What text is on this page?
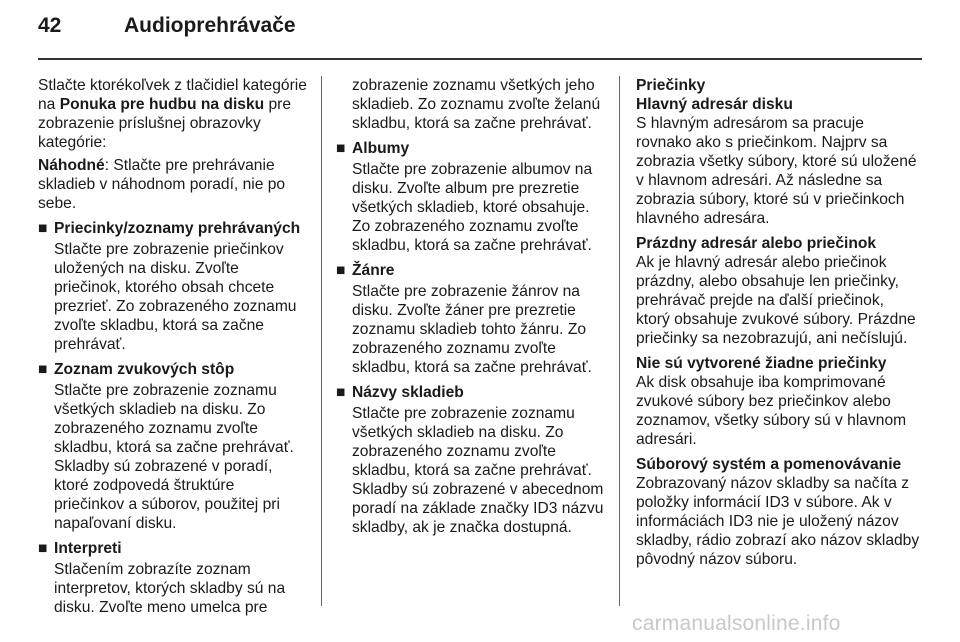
42	Audioprehrávače

Stlačte ktorékoľvek z tlačidiel kategórie na Ponuka pre hudbu na disku pre zobrazenie príslušnej obrazovky kategórie:

Náhodné: Stlačte pre prehrávanie skladieb v náhodnom poradí, nie po sebe.

■ Priecinky/zoznamy prehrávaných
Stlačte pre zobrazenie priečinkov uložených na disku. Zvoľte priečinok, ktorého obsah chcete prezrieť. Zo zobrazeného zoznamu zvoľte skladbu, ktorá sa začne prehrávať.
■ Zoznam zvukových stôp
Stlačte pre zobrazenie zoznamu všetkých skladieb na disku. Zo zobrazeného zoznamu zvoľte skladbu, ktorá sa začne prehrávať. Skladby sú zobrazené v poradí, ktoré zodpovedá štruktúre priečinkov a súborov, použitej pri napaľovaní disku.
■ Interpreti
Stlačením zobrazíte zoznam interpretov, ktorých skladby sú na disku. Zvoľte meno umelca pre
zobrazenie zoznamu všetkých jeho skladieb. Zo zoznamu zvoľte želanú skladbu, ktorá sa začne prehrávať.
■ Albumy
Stlačte pre zobrazenie albumov na disku. Zvoľte album pre prezretie všetkých skladieb, ktoré obsahuje. Zo zobrazeného zoznamu zvoľte skladbu, ktorá sa začne prehrávať.
■ Žánre
Stlačte pre zobrazenie žánrov na disku. Zvoľte žáner pre prezretie zoznamu skladieb tohto žánru. Zo zobrazeného zoznamu zvoľte skladbu, ktorá sa začne prehrávať.
■ Názvy skladieb
Stlačte pre zobrazenie zoznamu všetkých skladieb na disku. Zo zobrazeného zoznamu zvoľte skladbu, ktorá sa začne prehrávať. Skladby sú zobrazené v abecednom poradí na základe značky ID3 názvu skladby, ak je značka dostupná.
Priečinky
Hlavný adresár disku
S hlavným adresárom sa pracuje rovnako ako s priečinkom. Najprv sa zobrazia všetky súbory, ktoré sú uložené v hlavnom adresári. Až následne sa zobrazia súbory, ktoré sú v priečinkoch hlavného adresára.
Prázdny adresár alebo priečinok
Ak je hlavný adresár alebo priečinok prázdny, alebo obsahuje len priečinky, prehrávač prejde na ďalší priečinok, ktorý obsahuje zvukové súbory. Prázdne priečinky sa nezobrazujú, ani nečíslujú.
Nie sú vytvorené žiadne priečinky
Ak disk obsahuje iba komprimované zvukové súbory bez priečinkov alebo zoznamov, všetky súbory sú v hlavnom adresári.
Súborový systém a pomenovávanie
Zobrazovaný názov skladby sa načíta z položky informácií ID3 v súbore. Ak v informáciách ID3 nie je uložený názov skladby, rádio zobrazí ako názov skladby pôvodný názov súboru.
carmanualsonline.info
